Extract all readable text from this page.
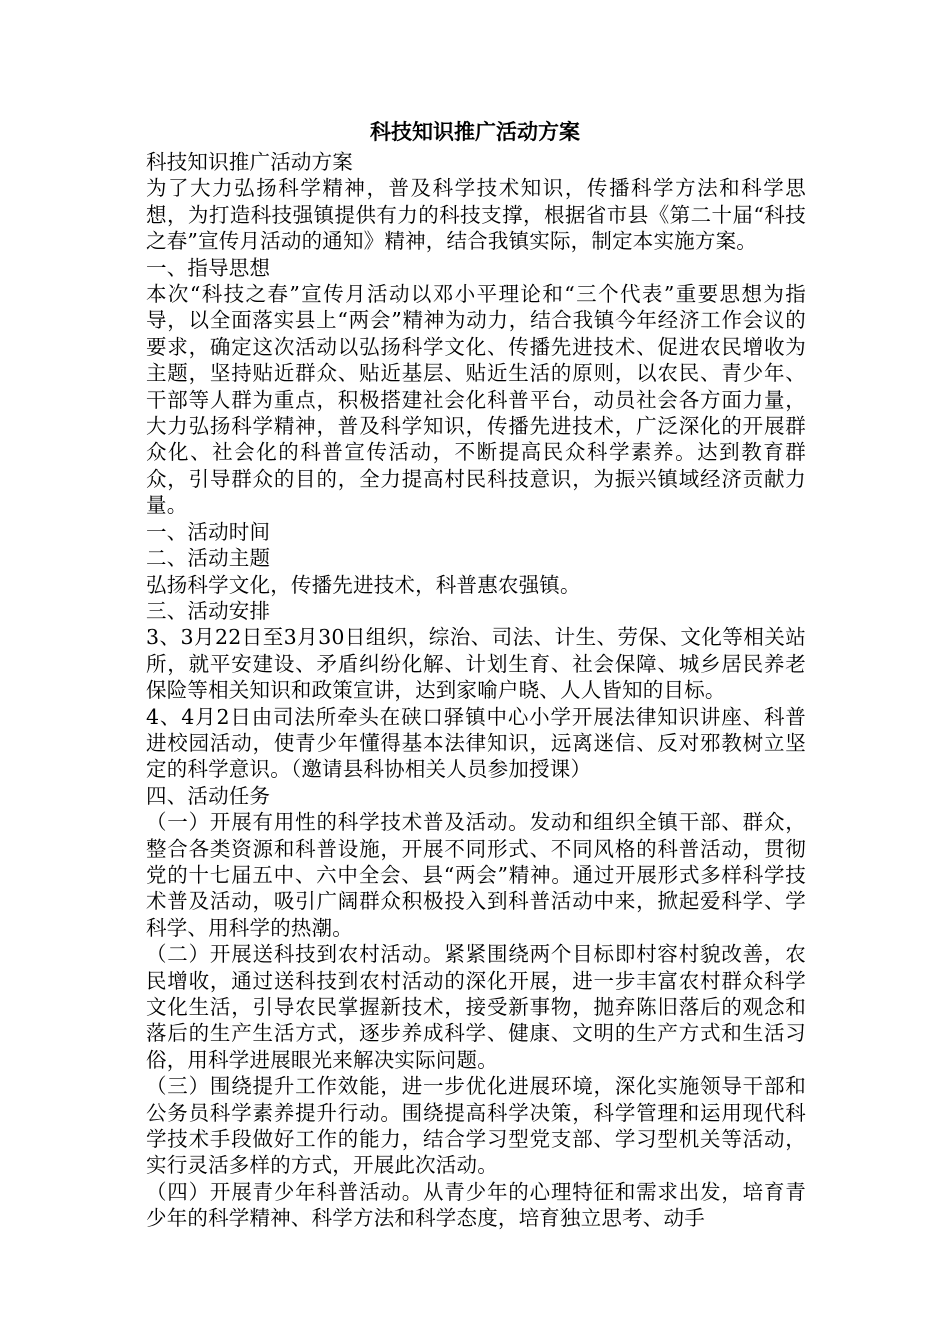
科技知识推广活动方案

科技知识推广活动方案

为了大力弘扬科学精神，普及科学技术知识，传播科学方法和科学思想，为打造科技强镇提供有力的科技支撑，根据省市县《第二十届“科技之春”宣传月活动的通知》精神，结合我镇实际，制定本实施方案。

一、指导思想

本次“科技之春”宣传月活动以邓小平理论和“三个代表”重要思想为指导，以全面落实县上“两会”精神为动力，结合我镇今年经济工作会议的要求，确定这次活动以弘扬科学文化、传播先进技术、促进农民增收为主题，坚持贴近群众、贴近基层、贴近生活的原则，以农民、青少年、干部等人群为重点，积极搭建社会化科普平台，动员社会各方面力量，大力弘扬科学精神，普及科学知识，传播先进技术，广泛深化的开展群众化、社会化的科普宣传活动，不断提高民众科学素养。达到教育群众，引导群众的目的，全力提高村民科技意识，为振兴镇域经济贡献力量。

一、活动时间

二、活动主题

弘扬科学文化，传播先进技术，科普惠农强镇。

三、活动安排

3、3月22日至3月30日组织，综治、司法、计生、劳保、文化等相关站所，就平安建设、矛盾纠纷化解、计划生育、社会保障、城乡居民养老保险等相关知识和政策宣讲，达到家喻户晓、人人皆知的目标。

4、4月2日由司法所牵头在硖口驿镇中心小学开展法律知识讲座、科普进校园活动，使青少年懂得基本法律知识，远离迷信、反对邪教树立坚定的科学意识。（邀请县科协相关人员参加授课）

四、活动任务

（一）开展有用性的科学技术普及活动。发动和组织全镇干部、群众，整合各类资源和科普设施，开展不同形式、不同风格的科普活动，贯彻党的十七届五中、六中全会、县“两会”精神。通过开展形式多样科学技术普及活动，吸引广阔群众积极投入到科普活动中来，掀起爱科学、学科学、用科学的热潮。

（二）开展送科技到农村活动。紧紧围绕两个目标即村容村貌改善，农民增收，通过送科技到农村活动的深化开展，进一步丰富农村群众科学文化生活，引导农民掌握新技术，接受新事物，抛弃陈旧落后的观念和落后的生产生活方式，逐步养成科学、健康、文明的生产方式和生活习俗，用科学进展眼光来解决实际问题。

（三）围绕提升工作效能，进一步优化进展环境，深化实施领导干部和公务员科学素养提升行动。围绕提高科学决策，科学管理和运用现代科学技术手段做好工作的能力，结合学习型党支部、学习型机关等活动，实行灵活多样的方式，开展此次活动。

（四）开展青少年科普活动。从青少年的心理特征和需求出发，培育青少年的科学精神、科学方法和科学态度，培育独立思考、动手
